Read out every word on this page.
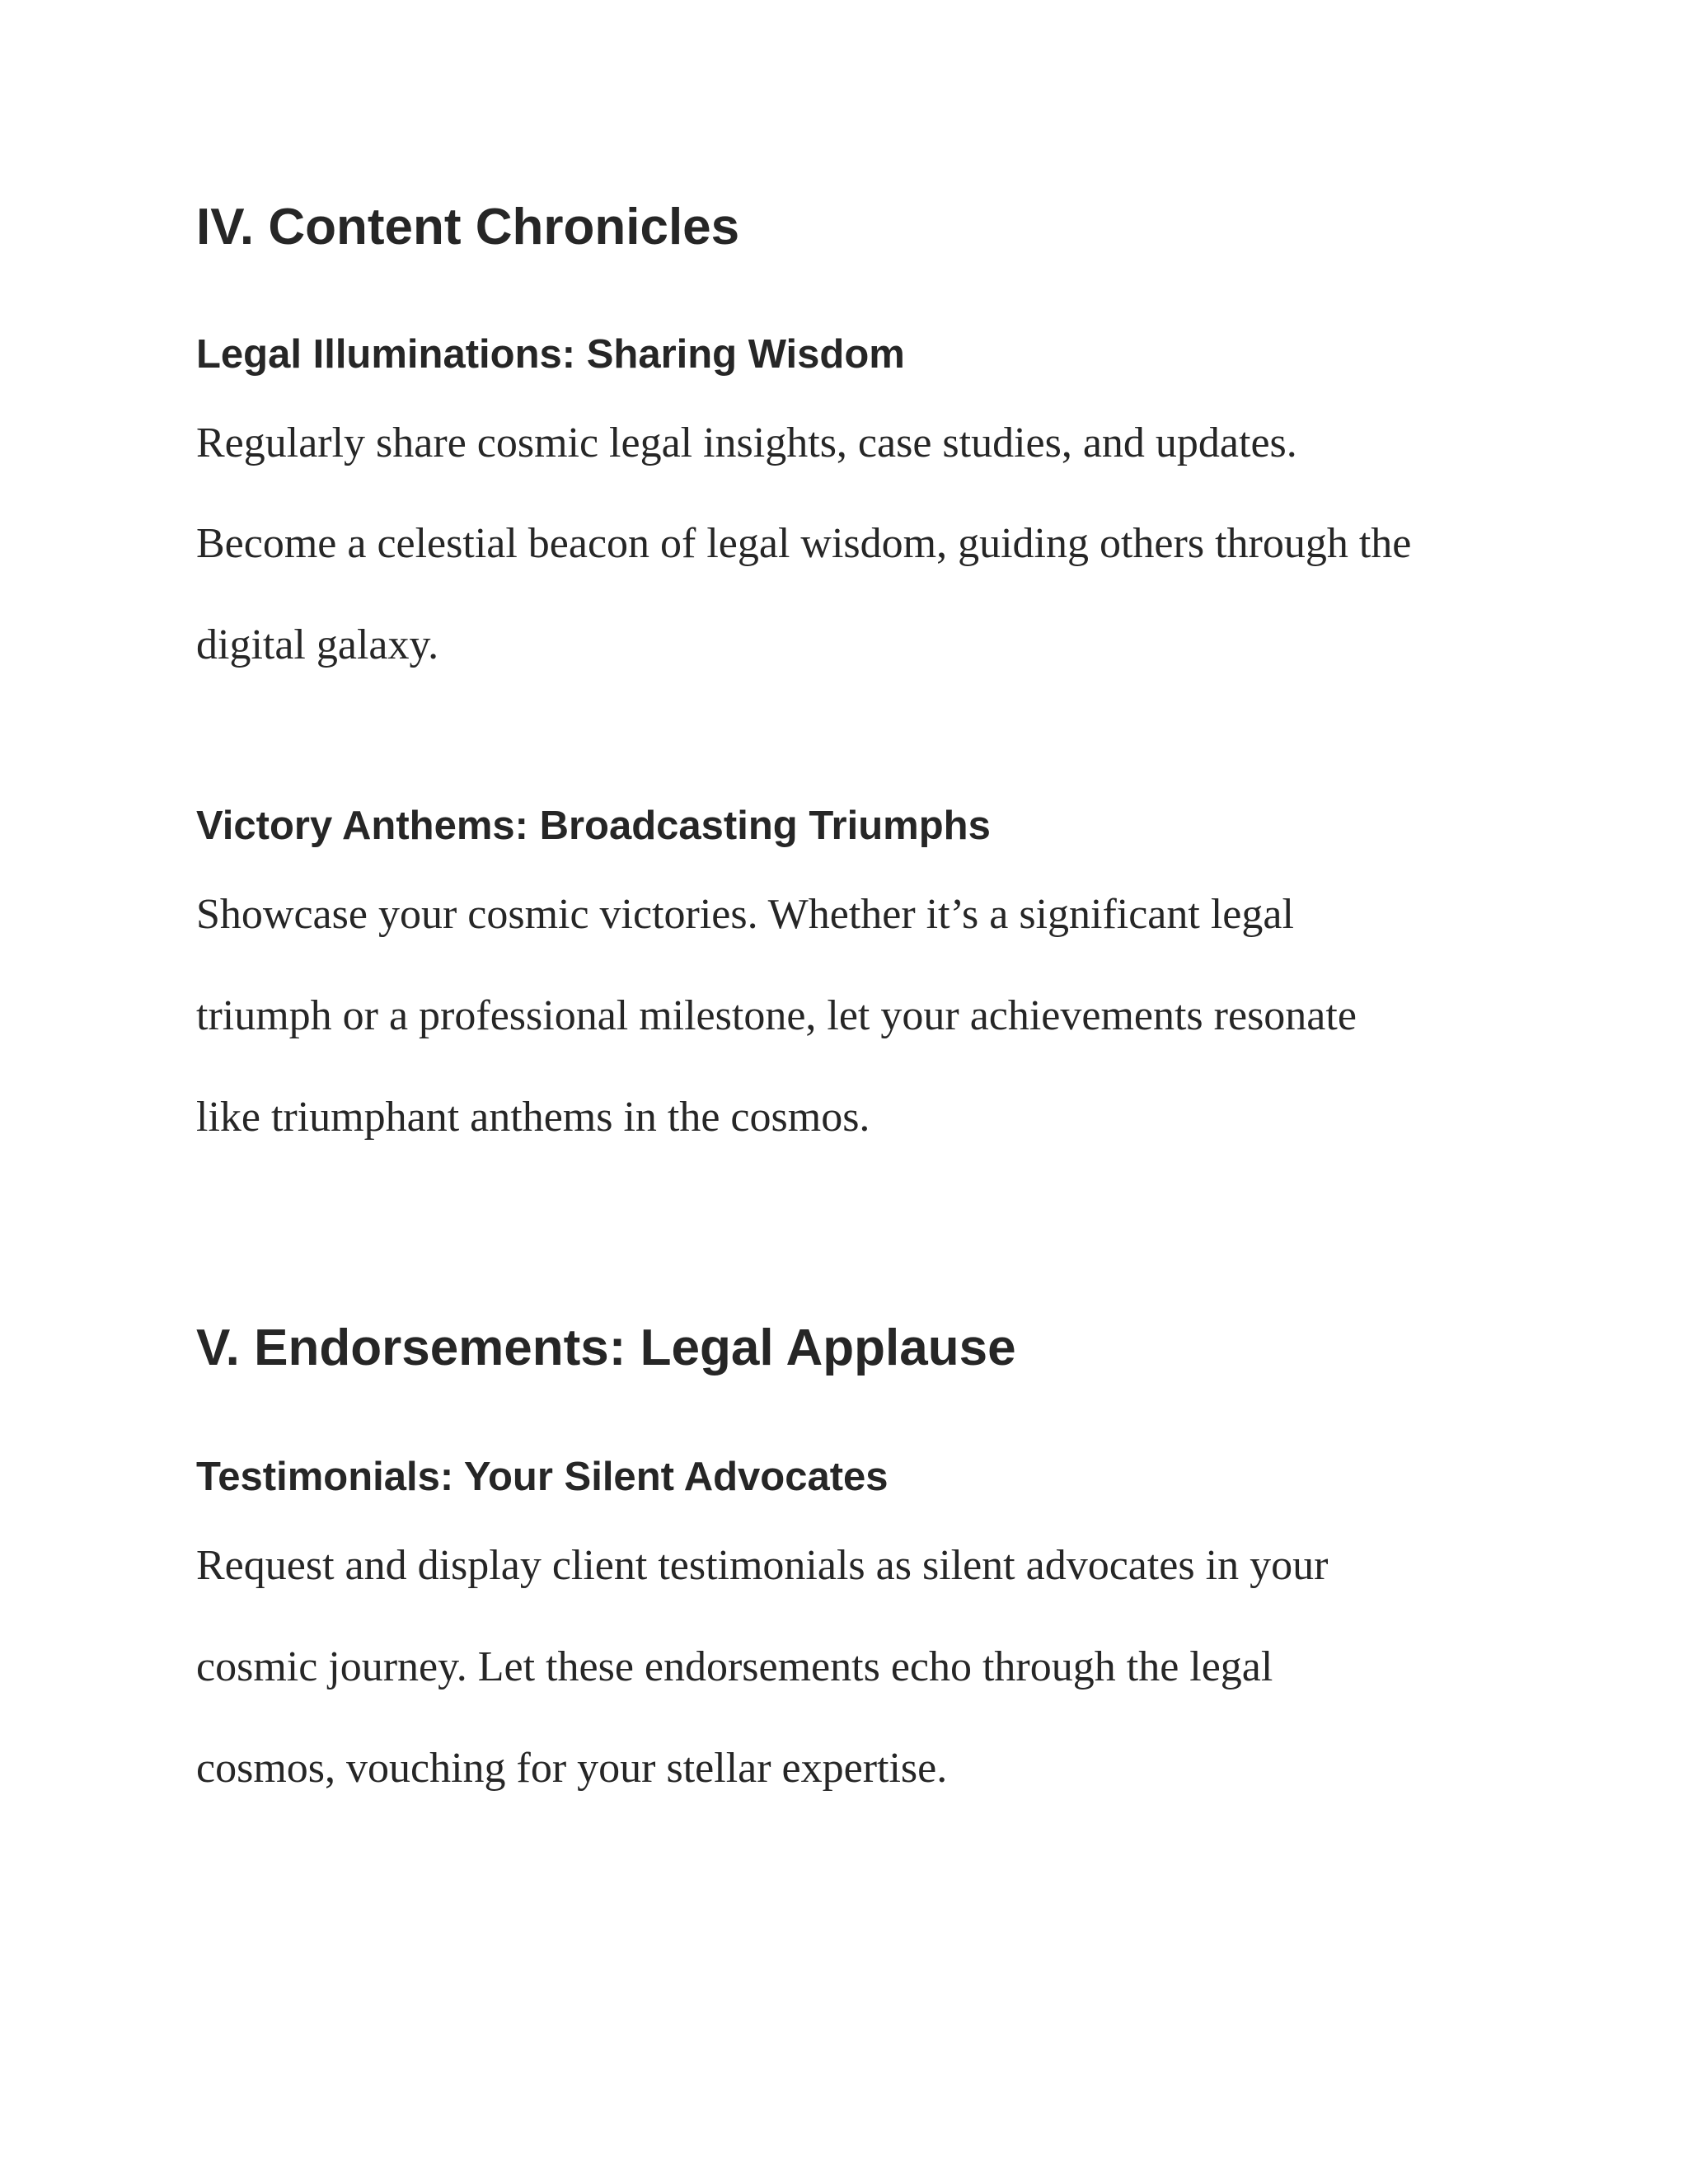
IV. Content Chronicles
Legal Illuminations: Sharing Wisdom

Regularly share cosmic legal insights, case studies, and updates.

Become a celestial beacon of legal wisdom, guiding others through the

digital galaxy.

Victory Anthems: Broadcasting Triumphs

Showcase your cosmic victories. Whether it’s a significant legal

triumph or a professional milestone, let your achievements resonate

like triumphant anthems in the cosmos.

V. Endorsements: Legal Applause
Testimonials: Your Silent Advocates

Request and display client testimonials as silent advocates in your

cosmic journey. Let these endorsements echo through the legal

cosmos, vouching for your stellar expertise.
